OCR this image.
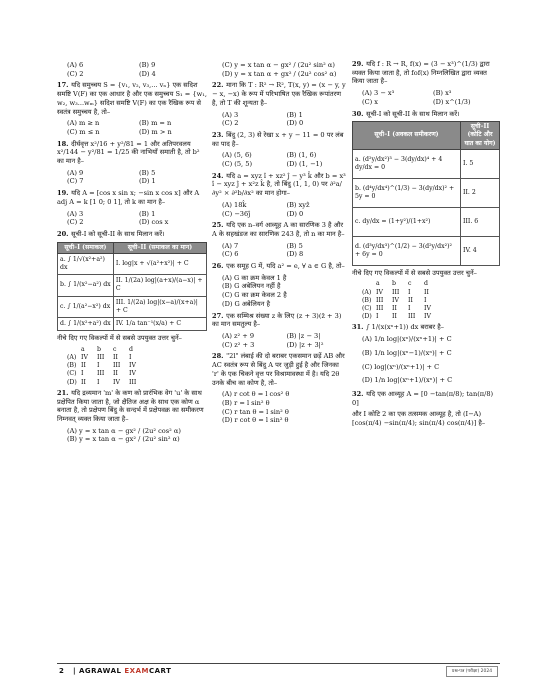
(A) 6	(B) 9
(C) 2	(D) 4
17. यदि समुच्चय S = {v₁, v₂, v₃,... vₙ} एक सदिश समष्टि V(F) का एक आधार है और एक समुच्चय S₁ = {w₁, w₂, w₃...wₘ} सदिश समष्टि V(F) का एक रैखिक रूप से स्वतंत्र समुच्चय है, तो–
(A) m ≥ n	(B) m = n
(C) m ≤ n	(D) m > n
18. दीर्घवृत्त x²/16 + y²/81 = 1 और अतिपरवलय x²/144 − y²/81 = 1/25 की नाभियाँ समाती है, तो b² का मान है–
(A) 9	(B) 5
(C) 7	(D) 1
19. यदि A = [cos x sin x; −sin x cos x] और A adj A = k [1 0; 0 1], तो k का मान है–
(A) 3	(B) 1
(C) 2	(D) cos x
20. सूची-I को सूची-II के साथ मिलान करें।
सूची–I (समाकल)	सूची–II (समाकल का मान)
a. ∫ 1/√(x²+a²) dx	I. log|x + √(a²+x²)| + C
b. ∫ 1/(x²−a²) dx	II. 1/(2a) log|(a+x)/(a−x)| + C
c. ∫ 1/(a²−x²) dx	III. 1/(2a) log|(x−a)/(x+a)| + C
d. ∫ 1/(x²+a²) dx	IV. 1/a tan⁻¹(x/a) + C
नीचे दिए गए विकल्पों में से सबसे उपयुक्त उत्तर चुनें–
a	b	c	d
(A) IV	III	II	I
(B) II	I	III	IV
(C) I	III	II	IV
(D) II	I	IV	III
21. यदि द्रव्यमान 'm' के कण को प्रारंभिक वेग 'u' के साथ प्रक्षेपित किया जाता है, जो क्षैतिज अक्ष के साथ एक कोण α बनाता है, तो प्रक्षेपण बिंदु के सन्दर्भ में प्रक्षेपवक्र का समीकरण निम्नवत् व्यक्त किया जाता है–
(A) y = x tan α − gx² / (2u² cos² α)
(B) y = x tan α − gx² / (2u² sin² α)
(C) y = x tan α − gx² / (2u² sin² α)
(D) y = x tan α + gx² / (2u² cos² α)
22. माना कि T : R² → R², T(x, y) = (x − y, y − x, −x) के रूप में परिभाषित एक रैखिक रूपांतरण है, तो T की शून्यता है–
(A) 3	(B) 1
(C) 2	(D) 0
23. बिंदु (2, 3) से रेखा x + y − 11 = 0 पर लंब का पाद है–
(A) (5, 6)	(B) (1, 6)
(C) (5, 5)	(D) (1, −1)
24. यदि a = xyz î + xz² ĵ − y³ k̂ और b = x³ î − xyz ĵ + x²z k̂ है, तो बिंदु (1, 1, 0) पर ∂²a/∂y² × ∂²b/∂x² का मान होगा–
(A) 18k̂	(B) xyẑ
(C) −36ĵ	(D) 0
25. यदि एक n–वर्ग आव्यूह A का सारणिक 3 है और A के सहखंडज का सारणिक 243 है, तो n का मान है–
(A) 7	(B) 5
(C) 6	(D) 8
26. एक समूह G में, यदि a² = e, ∀ a ∈ G है, तो–
(A) G का क्रम केवल 1 है
(B) G अबेलियन नहीं है
(C) G का क्रम केवल 2 है
(D) G अबेलियन है
27. एक सम्मिश्र संख्या z के लिए (z + 3)(z̄ + 3) का मान समतुल्य है–
(A) z² + 9	(B) |z − 3|
(C) z² + 3	(D) |z + 3|²
28. "2l" लंबाई की दो बराबर एकसमान छड़ें AB और AC स्वतंत्र रूप से बिंदु A पर जुड़ी हुई है और जिनका 'r' के एक चिकने वृत्त पर विश्रामावस्था में है। यदि 2θ उनके बीच का कोण है, तो–
(A) r cot θ = l cos² θ
(B) r = l sin² θ
(C) r tan θ = l sin² θ
(D) r cot θ = l sin² θ
29. यदि f : R → R, f(x) = (3 − x³)^(1/3) द्वारा व्यक्त किया जाता है, तो fof(x) निम्नलिखित द्वारा व्यक्त किया जाता है–
(A) 3 − x³	(B) x³
(C) x	(D) x^(1/3)
30. सूची-I को सूची-II के साथ मिलान करें।
सूची–I (अवकल समीकरण)	सूची–II (कोटि और घात का योग)
a. (d²y/dx²)³ − 3(dy/dx)⁴ + 4 dy/dx = 0	I. 5
b. (d⁴y/dx⁴)^(1/3) − 3(dy/dx)² + 5y = 0	II. 2
c. dy/dx = (1+y²)/(1+x²)	III. 6
d. (d³y/dx³)^(1/2) − 3(d²y/dx²)² + 6y = 0	IV. 4
नीचे दिए गए विकल्पों में से सबसे उपयुक्त उत्तर चुनें–
a	b	c	d
(A) IV	III	I	II
(B) III	IV	II	I
(C) III	II	I	IV
(D) I	II	III	IV
31. ∫ 1/(x(xⁿ+1)) dx बराबर है–
(A) 1/n log|(xⁿ)/(xⁿ+1)| + C
(B) 1/n log|(xⁿ−1)/(xⁿ)| + C
(C) log|(xⁿ)/(xⁿ+1)| + C
(D) 1/n log|(xⁿ+1)/(xⁿ)| + C
32. यदि एक आव्यूह A = [0 −tan(π/8); tan(π/8) 0]
और I कोटि 2 का एक तत्समक आव्यूह है, तो (I−A) [cos(π/4) −sin(π/4); sin(π/4) cos(π/4)] है–
2 | AGRAWAL EXAMCART	प्रश्न-पत्र (परीक्षा) 2024
